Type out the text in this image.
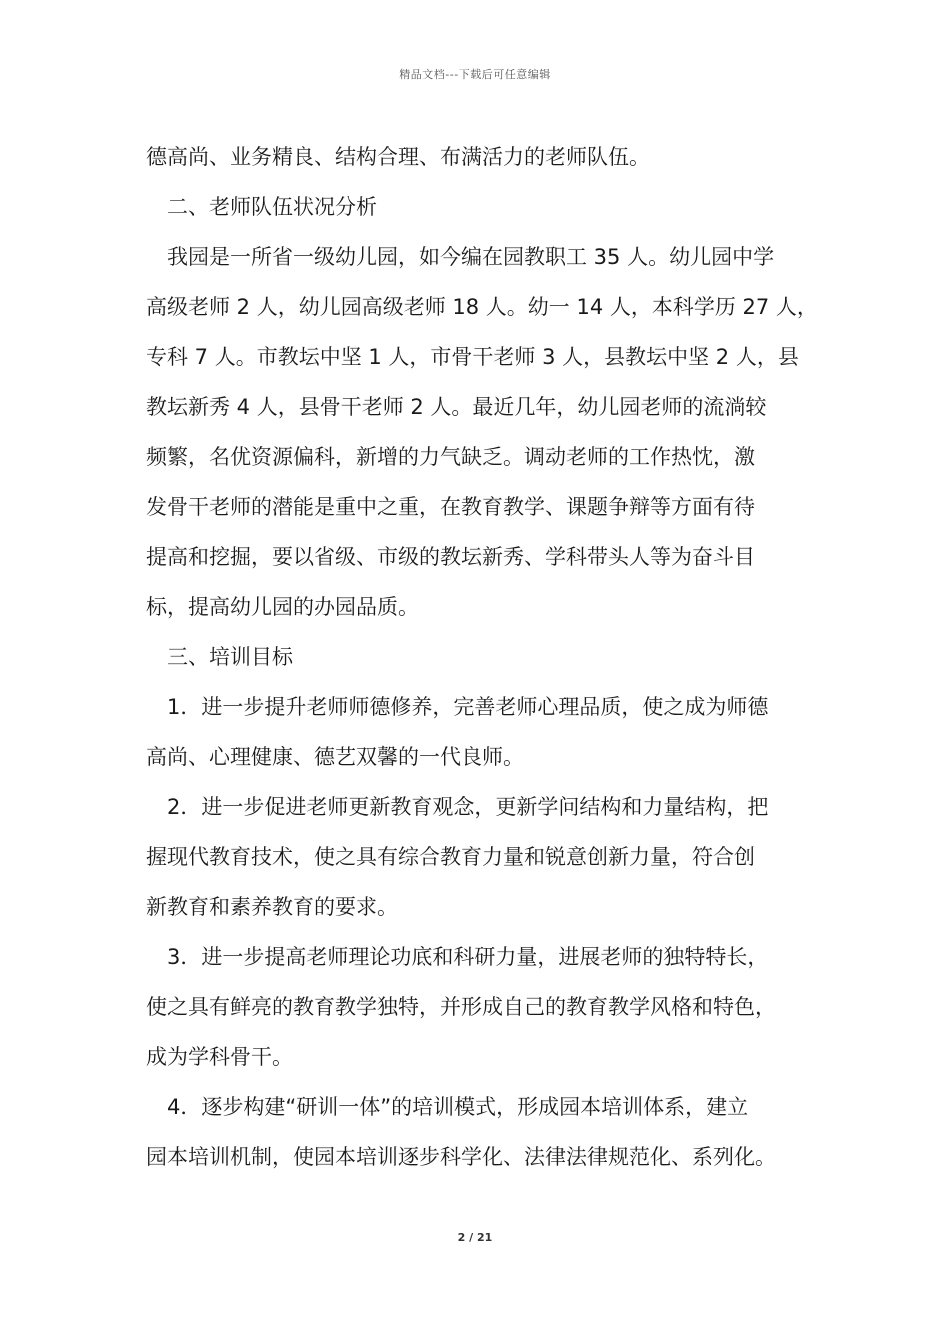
精品文档---下载后可任意编辑
德高尚、业务精良、结构合理、布满活力的老师队伍。
二、老师队伍状况分析
我园是一所省一级幼儿园，如今编在园教职工 35 人。幼儿园中学
高级老师 2 人，幼儿园高级老师 18 人。幼一 14 人，本科学历 27 人，
专科 7 人。市教坛中坚 1 人，市骨干老师 3 人，县教坛中坚 2 人，县
教坛新秀 4 人，县骨干老师 2 人。最近几年，幼儿园老师的流淌较
频繁，名优资源偏科，新增的力气缺乏。调动老师的工作热忱，激
发骨干老师的潜能是重中之重，在教育教学、课题争辩等方面有待
提高和挖掘，要以省级、市级的教坛新秀、学科带头人等为奋斗目
标，提高幼儿园的办园品质。
三、培训目标
1．进一步提升老师师德修养，完善老师心理品质，使之成为师德
高尚、心理健康、德艺双馨的一代良师。
2．进一步促进老师更新教育观念，更新学问结构和力量结构，把
握现代教育技术，使之具有综合教育力量和锐意创新力量，符合创
新教育和素养教育的要求。
3．进一步提高老师理论功底和科研力量，进展老师的独特特长，
使之具有鲜亮的教育教学独特，并形成自己的教育教学风格和特色，
成为学科骨干。
4．逐步构建“研训一体”的培训模式，形成园本培训体系，建立
园本培训机制，使园本培训逐步科学化、法律法律规范化、系列化。
2 / 21
